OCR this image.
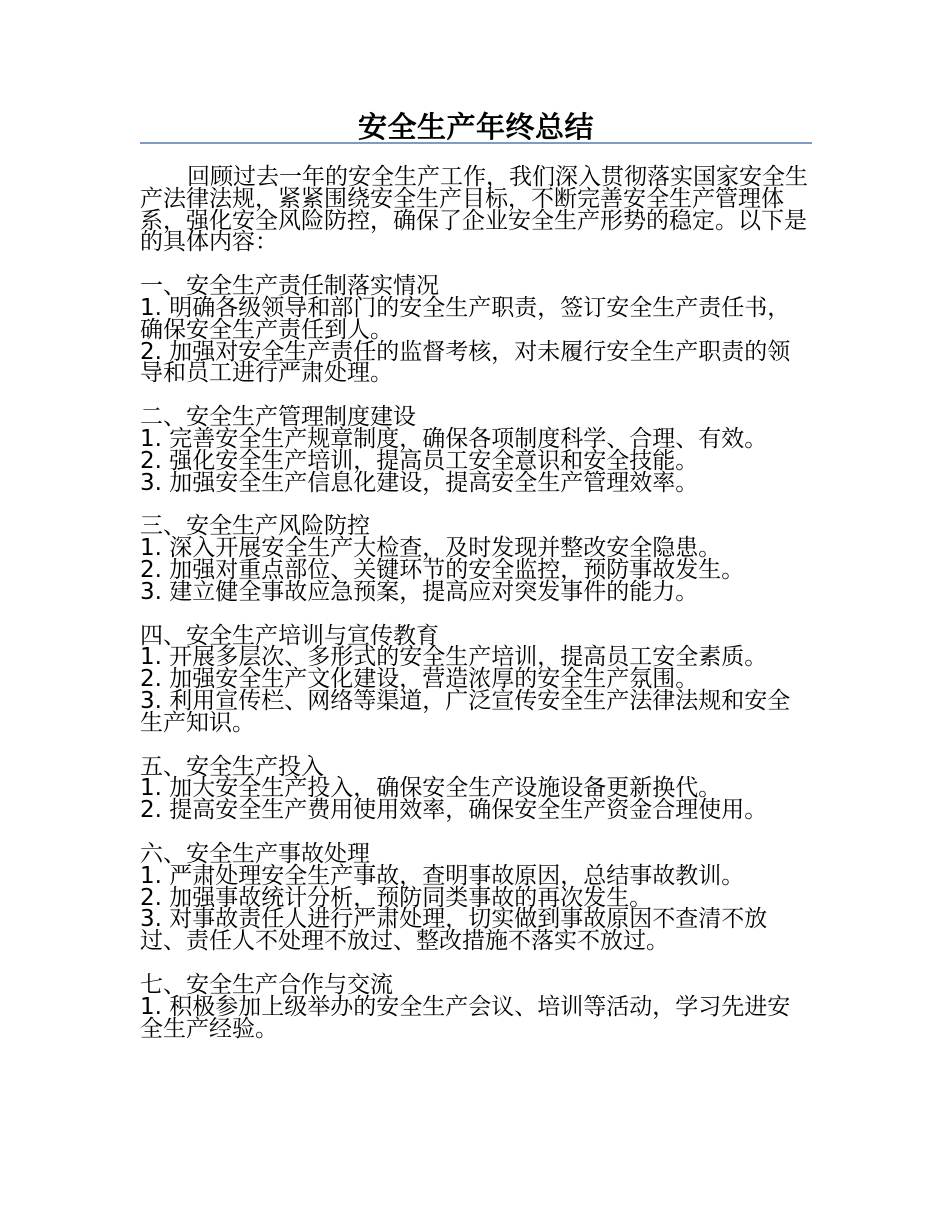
安全生产年终总结

回顾过去一年的安全生产工作，我们深入贯彻落实国家安全生产法律法规，紧紧围绕安全生产目标，不断完善安全生产管理体系，强化安全风险防控，确保了企业安全生产形势的稳定。以下是的具体内容：

一、安全生产责任制落实情况
1. 明确各级领导和部门的安全生产职责，签订安全生产责任书，确保安全生产责任到人。
2. 加强对安全生产责任的监督考核，对未履行安全生产职责的领导和员工进行严肃处理。
二、安全生产管理制度建设
1. 完善安全生产规章制度，确保各项制度科学、合理、有效。
2. 强化安全生产培训，提高员工安全意识和安全技能。
3. 加强安全生产信息化建设，提高安全生产管理效率。
三、安全生产风险防控
1. 深入开展安全生产大检查，及时发现并整改安全隐患。
2. 加强对重点部位、关键环节的安全监控，预防事故发生。
3. 建立健全事故应急预案，提高应对突发事件的能力。
四、安全生产培训与宣传教育
1. 开展多层次、多形式的安全生产培训，提高员工安全素质。
2. 加强安全生产文化建设，营造浓厚的安全生产氛围。
3. 利用宣传栏、网络等渠道，广泛宣传安全生产法律法规和安全生产知识。
五、安全生产投入
1. 加大安全生产投入，确保安全生产设施设备更新换代。
2. 提高安全生产费用使用效率，确保安全生产资金合理使用。
六、安全生产事故处理
1. 严肃处理安全生产事故，查明事故原因，总结事故教训。
2. 加强事故统计分析，预防同类事故的再次发生。
3. 对事故责任人进行严肃处理，切实做到事故原因不查清不放过、责任人不处理不放过、整改措施不落实不放过。
七、安全生产合作与交流
1. 积极参加上级举办的安全生产会议、培训等活动，学习先进安全生产经验。
